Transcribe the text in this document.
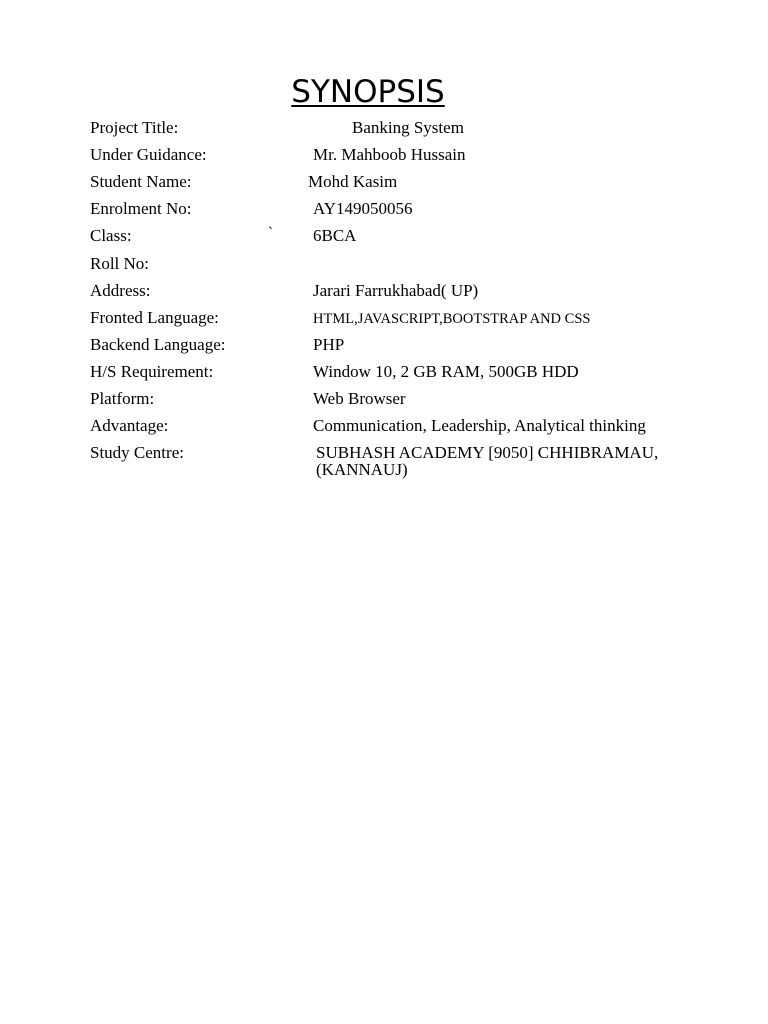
SYNOPSIS
Project Title:	Banking System
Under Guidance:	Mr. Mahboob Hussain
Student Name:	Mohd Kasim
Enrolment No:	AY149050056
Class:	` 6BCA
Roll No:
Address:	Jarari Farrukhabad( UP)
Fronted Language:	HTML,JAVASCRIPT,BOOTSTRAP AND CSS
Backend Language:	PHP
H/S Requirement:	Window 10, 2 GB RAM, 500GB HDD
Platform:	Web Browser
Advantage:	Communication, Leadership, Analytical thinking
Study Centre:	SUBHASH ACADEMY [9050] CHHIBRAMAU, (KANNAUJ)
